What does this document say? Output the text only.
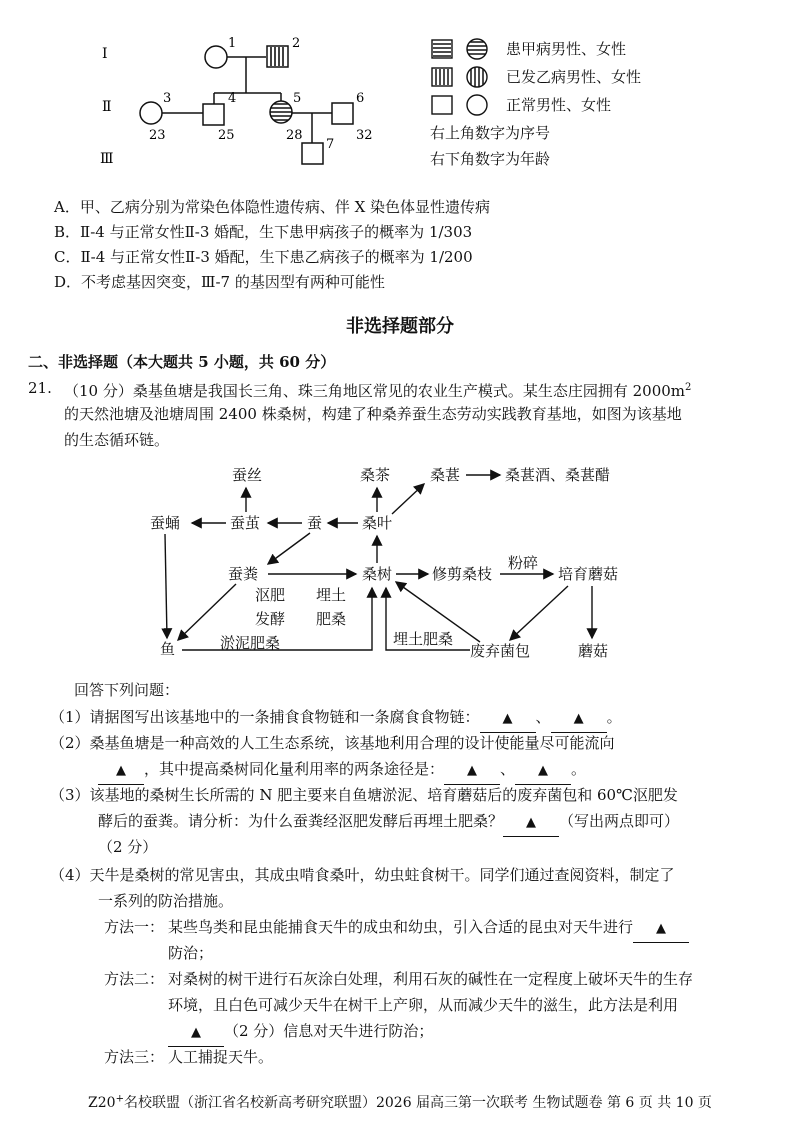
Ⅰ
Ⅱ
Ⅲ
1	2
3
23
4
25
5
28
6
32
7
患甲病男性、女性
已发乙病男性、女性
正常男性、女性
右上角数字为序号
右下角数字为年龄
A．甲、乙病分别为常染色体隐性遗传病、伴 X 染色体显性遗传病
B．Ⅱ-4 与正常女性Ⅱ-3 婚配，生下患甲病孩子的概率为 1/303
C．Ⅱ-4 与正常女性Ⅱ-3 婚配，生下患乙病孩子的概率为 1/200
D．不考虑基因突变，Ⅲ-7 的基因型有两种可能性
非选择题部分
二、非选择题（本大题共 5 小题，共 60 分）
21. （10 分）桑基鱼塘是我国长三角、珠三角地区常见的农业生产模式。某生态庄园拥有 $2000m^2$
的天然池塘及池塘周围 2400 株桑树，构建了种桑养蚕生态劳动实践教育基地，如图为该基地
的生态循环链。
蚕丝	桑茶	桑葚	桑葚酒、桑葚醋
蚕蛹	蚕茧	蚕	桑叶
蚕粪	桑树	修剪桑枝
粉碎
培育蘑菇
鱼	废弃菌包	蘑菇
沤肥
发酵
埋土
肥桑
淤泥肥桑	埋土肥桑
回答下列问题：
（1）请据图写出该基地中的一条捕食食物链和一条腐食食物链： ▲ 、 ▲ 。
（2）桑基鱼塘是一种高效的人工生态系统，该基地利用合理的设计使能量尽可能流向
▲ ，其中提高桑树同化量利用率的两条途径是： ▲ 、 ▲ 。
（3）该基地的桑树生长所需的 N 肥主要来自鱼塘淤泥、培育蘑菇后的废弃菌包和 60℃沤肥发
酵后的蚕粪。请分析：为什么蚕粪经沤肥发酵后再埋土肥桑？ ▲ （写出两点即可）
（2 分）
（4）天牛是桑树的常见害虫，其成虫啃食桑叶，幼虫蛀食树干。同学们通过查阅资料，制定了
一系列的防治措施。
方法一： 某些鸟类和昆虫能捕食天牛的成虫和幼虫，引入合适的昆虫对天牛进行 ▲
防治；
方法二： 对桑树的树干进行石灰涂白处理，利用石灰的碱性在一定程度上破坏天牛的生存
环境，且白色可减少天牛在树干上产卵，从而减少天牛的滋生，此方法是利用
▲ （2 分）信息对天牛进行防治；
方法三： 人工捕捉天牛。
Z20+名校联盟（浙江省名校新高考研究联盟）2026 届高三第一次联考 生物试题卷 第 6 页 共 10 页
